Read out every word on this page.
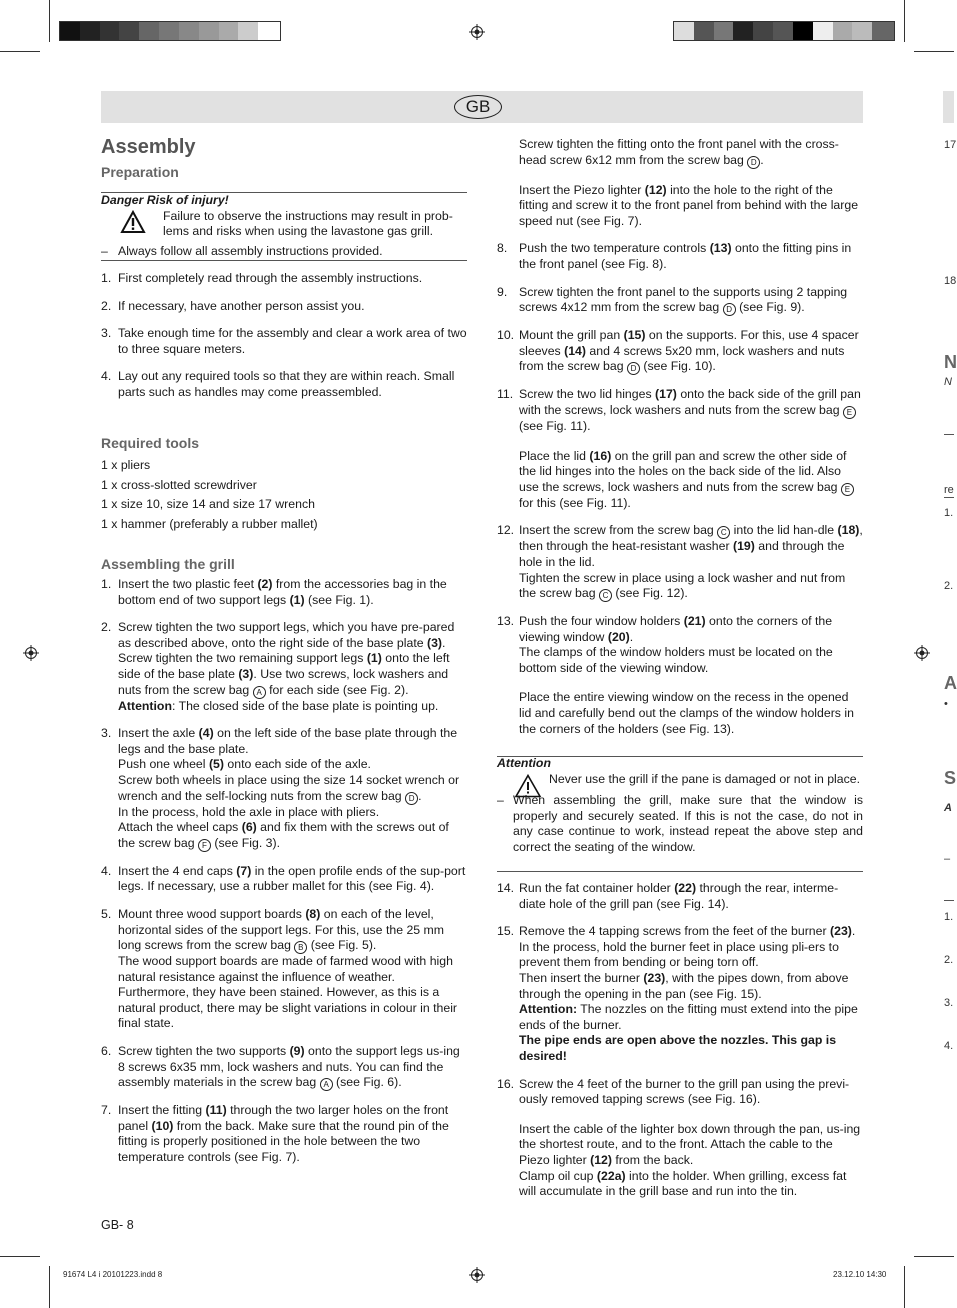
GB
Assembly
Preparation

Danger Risk of injury!

Failure to observe the instructions may result in prob-
lems and risks when using the lavastone gas grill.

– Always follow all assembly instructions provided.

1. First completely read through the assembly instructions.

2. If necessary, have another person assist you.

3. Take enough time for the assembly and clear a work area of two to three square meters.

4. Lay out any required tools so that they are within reach. Small parts such as handles may come preassembled.

Required tools

1 x pliers

1 x cross-slotted screwdriver

1 x size 10, size 14 and size 17 wrench

1 x hammer (preferably a rubber mallet)

Assembling the grill

1. Insert the two plastic feet (2) from the accessories bag in the bottom end of two support legs (1) (see Fig. 1).

2. Screw tighten the two support legs, which you have pre-pared as described above, onto the right side of the base plate (3). Screw tighten the two remaining support legs (1) onto the left side of the base plate (3). Use two screws, lock washers and nuts from the screw bag A for each side (see Fig. 2).
Attention: The closed side of the base plate is pointing up.

3. Insert the axle (4) on the left side of the base plate through the legs and the base plate.
Push one wheel (5) onto each side of the axle.
Screw both wheels in place using the size 14 socket wrench or wrench and the self-locking nuts from the screw bag D .
In the process, hold the axle in place with pliers.
Attach the wheel caps (6) and fix them with the screws out of the screw bag F (see Fig. 3).

4. Insert the 4 end caps (7) in the open profile ends of the sup-port legs. If necessary, use a rubber mallet for this (see Fig. 4).

5. Mount three wood support boards (8) on each of the level, horizontal sides of the support legs. For this, use the 25 mm long screws from the screw bag B (see Fig. 5).
The wood support boards are made of farmed wood with high natural resistance against the influence of weather. Furthermore, they have been stained. However, as this is a natural product, there may be slight variations in colour in their final state.

6. Screw tighten the two supports (9) onto the support legs us-ing 8 screws 6x35 mm, lock washers and nuts. You can find the assembly materials in the screw bag A (see Fig. 6).

7. Insert the fitting (11) through the two larger holes on the front panel (10) from the back. Make sure that the round pin of the fitting is properly positioned in the hole between the two temperature controls (see Fig. 7).

Screw tighten the fitting onto the front panel with the cross-head screw 6x12 mm from the screw bag D .

Insert the Piezo lighter (12) into the hole to the right of the fitting and screw it to the front panel from behind with the large speed nut (see Fig. 7).

8. Push the two temperature controls (13) onto the fitting pins in the front panel (see Fig. 8).

9. Screw tighten the front panel to the supports using 2 tapping screws 4x12 mm from the screw bag D (see Fig. 9).

10. Mount the grill pan (15) on the supports. For this, use 4 spacer sleeves (14) and 4 screws 5x20 mm, lock washers and nuts from the screw bag D (see Fig. 10).

11. Screw the two lid hinges (17) onto the back side of the grill pan with the screws, lock washers and nuts from the screw bag E (see Fig. 11).

Place the lid (16) on the grill pan and screw the other side of the lid hinges into the holes on the back side of the lid. Also use the screws, lock washers and nuts from the screw bag E for this (see Fig. 11).

12. Insert the screw from the screw bag C into the lid han-dle (18), then through the heat-resistant washer (19) and through the hole in the lid.
Tighten the screw in place using a lock washer and nut from the screw bag C (see Fig. 12).

13. Push the four window holders (21) onto the corners of the viewing window (20).
The clamps of the window holders must be located on the bottom side of the viewing window.

Place the entire viewing window on the recess in the opened lid and carefully bend out the clamps of the window holders in the corners of the holders (see Fig. 13).

Attention

Never use the grill if the pane is damaged or not in place.

– When assembling the grill, make sure that the window is properly and securely seated. If this is not the case, do not in any case continue to work, instead repeat the above step and correct the seating of the window.

14. Run the fat container holder (22) through the rear, interme-diate hole of the grill pan (see Fig. 14).

15. Remove the 4 tapping screws from the feet of the burner (23). In the process, hold the burner feet in place using pli-ers to prevent them from bending or being torn off.
Then insert the burner (23), with the pipes down, from above through the opening in the pan (see Fig. 15).
Attention: The nozzles on the fitting must extend into the pipe ends of the burner.
The pipe ends are open above the nozzles. This gap is desired!

16. Screw the 4 feet of the burner to the grill pan using the previ-ously removed tapping screws (see Fig. 16).

Insert the cable of the lighter box down through the pan, us-ing the shortest route, and to the front. Attach the cable to the Piezo lighter (12) from the back.
Clamp oil cup (22a) into the holder. When grilling, excess fat will accumulate in the grill base and run into the tin.

17
18
N
N
re
1.
2.
A
•
S
A
–
1.
2.
3.
4.
GB- 8
91674 L4 i 20101223.indd 8	23.12.10 14:30
